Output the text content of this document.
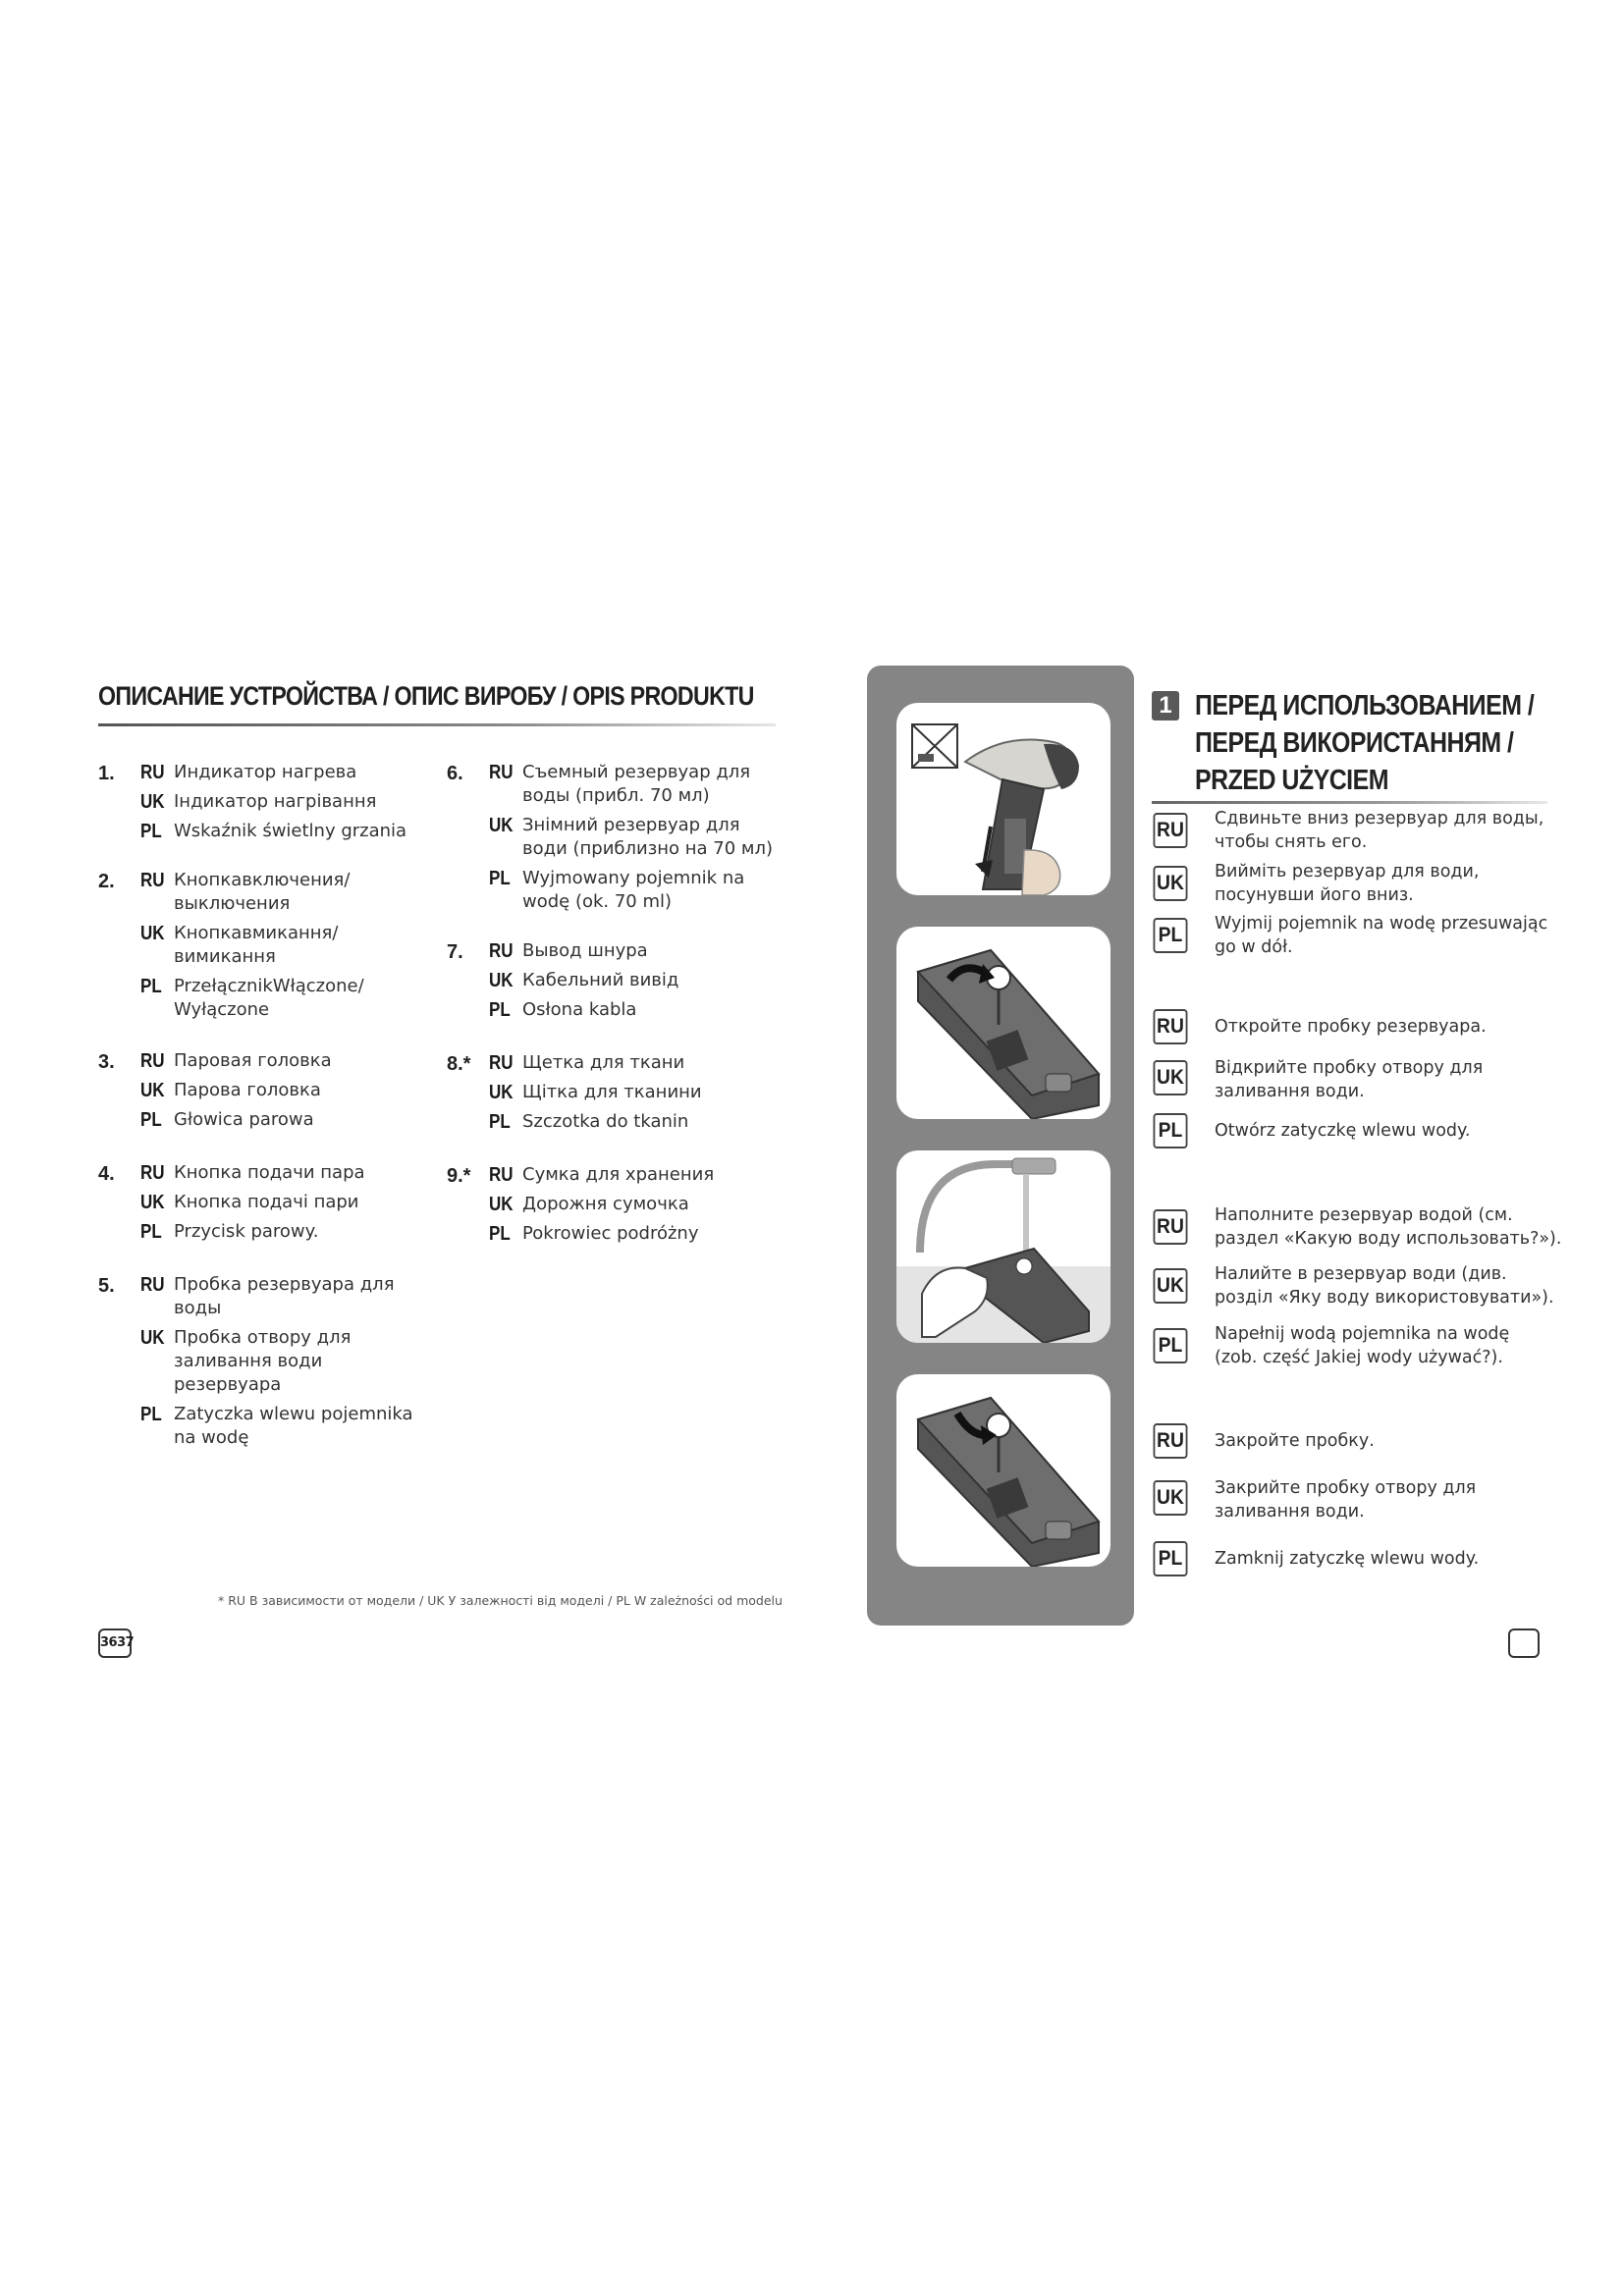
ОПИСАНИЕ УСТРОЙСТВА / ОПИС ВИРОБУ / OPIS PRODUKTU
1. RU Индикатор нагрева
UK Індикатор нагрівання
PL Wskaźnik świetlny grzania
2. RU Кнопкавключения/ выключения
UK Кнопкавмикання/ вимикання
PL PrzełącznikWłączone/ Wyłączone
3. RU Паровая головка
UK Парова головка
PL Głowica parowa
4. RU Кнопка подачи пара
UK Кнопка подачі пари
PL Przycisk parowy.
5. RU Пробка резервуара для воды
UK Пробка отвору для заливання води резервуара
PL Zatyczka wlewu pojemnika na wodę
6. RU Съемный резервуар для воды (прибл. 70 мл)
UK Знімний резервуар для води (приблизно на 70 мл)
PL Wyjmowany pojemnik na wodę (ok. 70 ml)
7. RU Вывод шнура
UK Кабельний вивід
PL Osłona kabla
8.* RU Щетка для ткани
UK Щітка для тканини
PL Szczotka do tkanin
9.* RU Сумка для хранения
UK Дорожня сумочка
PL Pokrowiec podróżny
* RU В зависимости от модели / UK У залежності від моделі / PL W zależności od modelu
3637
1 ПЕРЕД ИСПОЛЬЗОВАНИЕМ / ПЕРЕД ВИКОРИСТАННЯМ / PRZED UŻYCIEM
RU Сдвиньте вниз резервуар для воды, чтобы снять его.
UK Вийміть резервуар для води, посунувши його вниз.
PL Wyjmij pojemnik na wodę przesuwając go w dół.
RU Откройте пробку резервуара.
UK Відкрийте пробку отвору для заливання води.
PL Otwórz zatyczkę wlewu wody.
RU Наполните резервуар водой (см. раздел «Какую воду использовать?»).
UK Налийте в резервуар води (див. розділ «Яку воду використовувати»).
PL Napełnij wodą pojemnika na wodę (zob. część Jakiej wody używać?).
RU Закройте пробку.
UK Закрийте пробку отвору для заливання води.
PL Zamknij zatyczkę wlewu wody.
